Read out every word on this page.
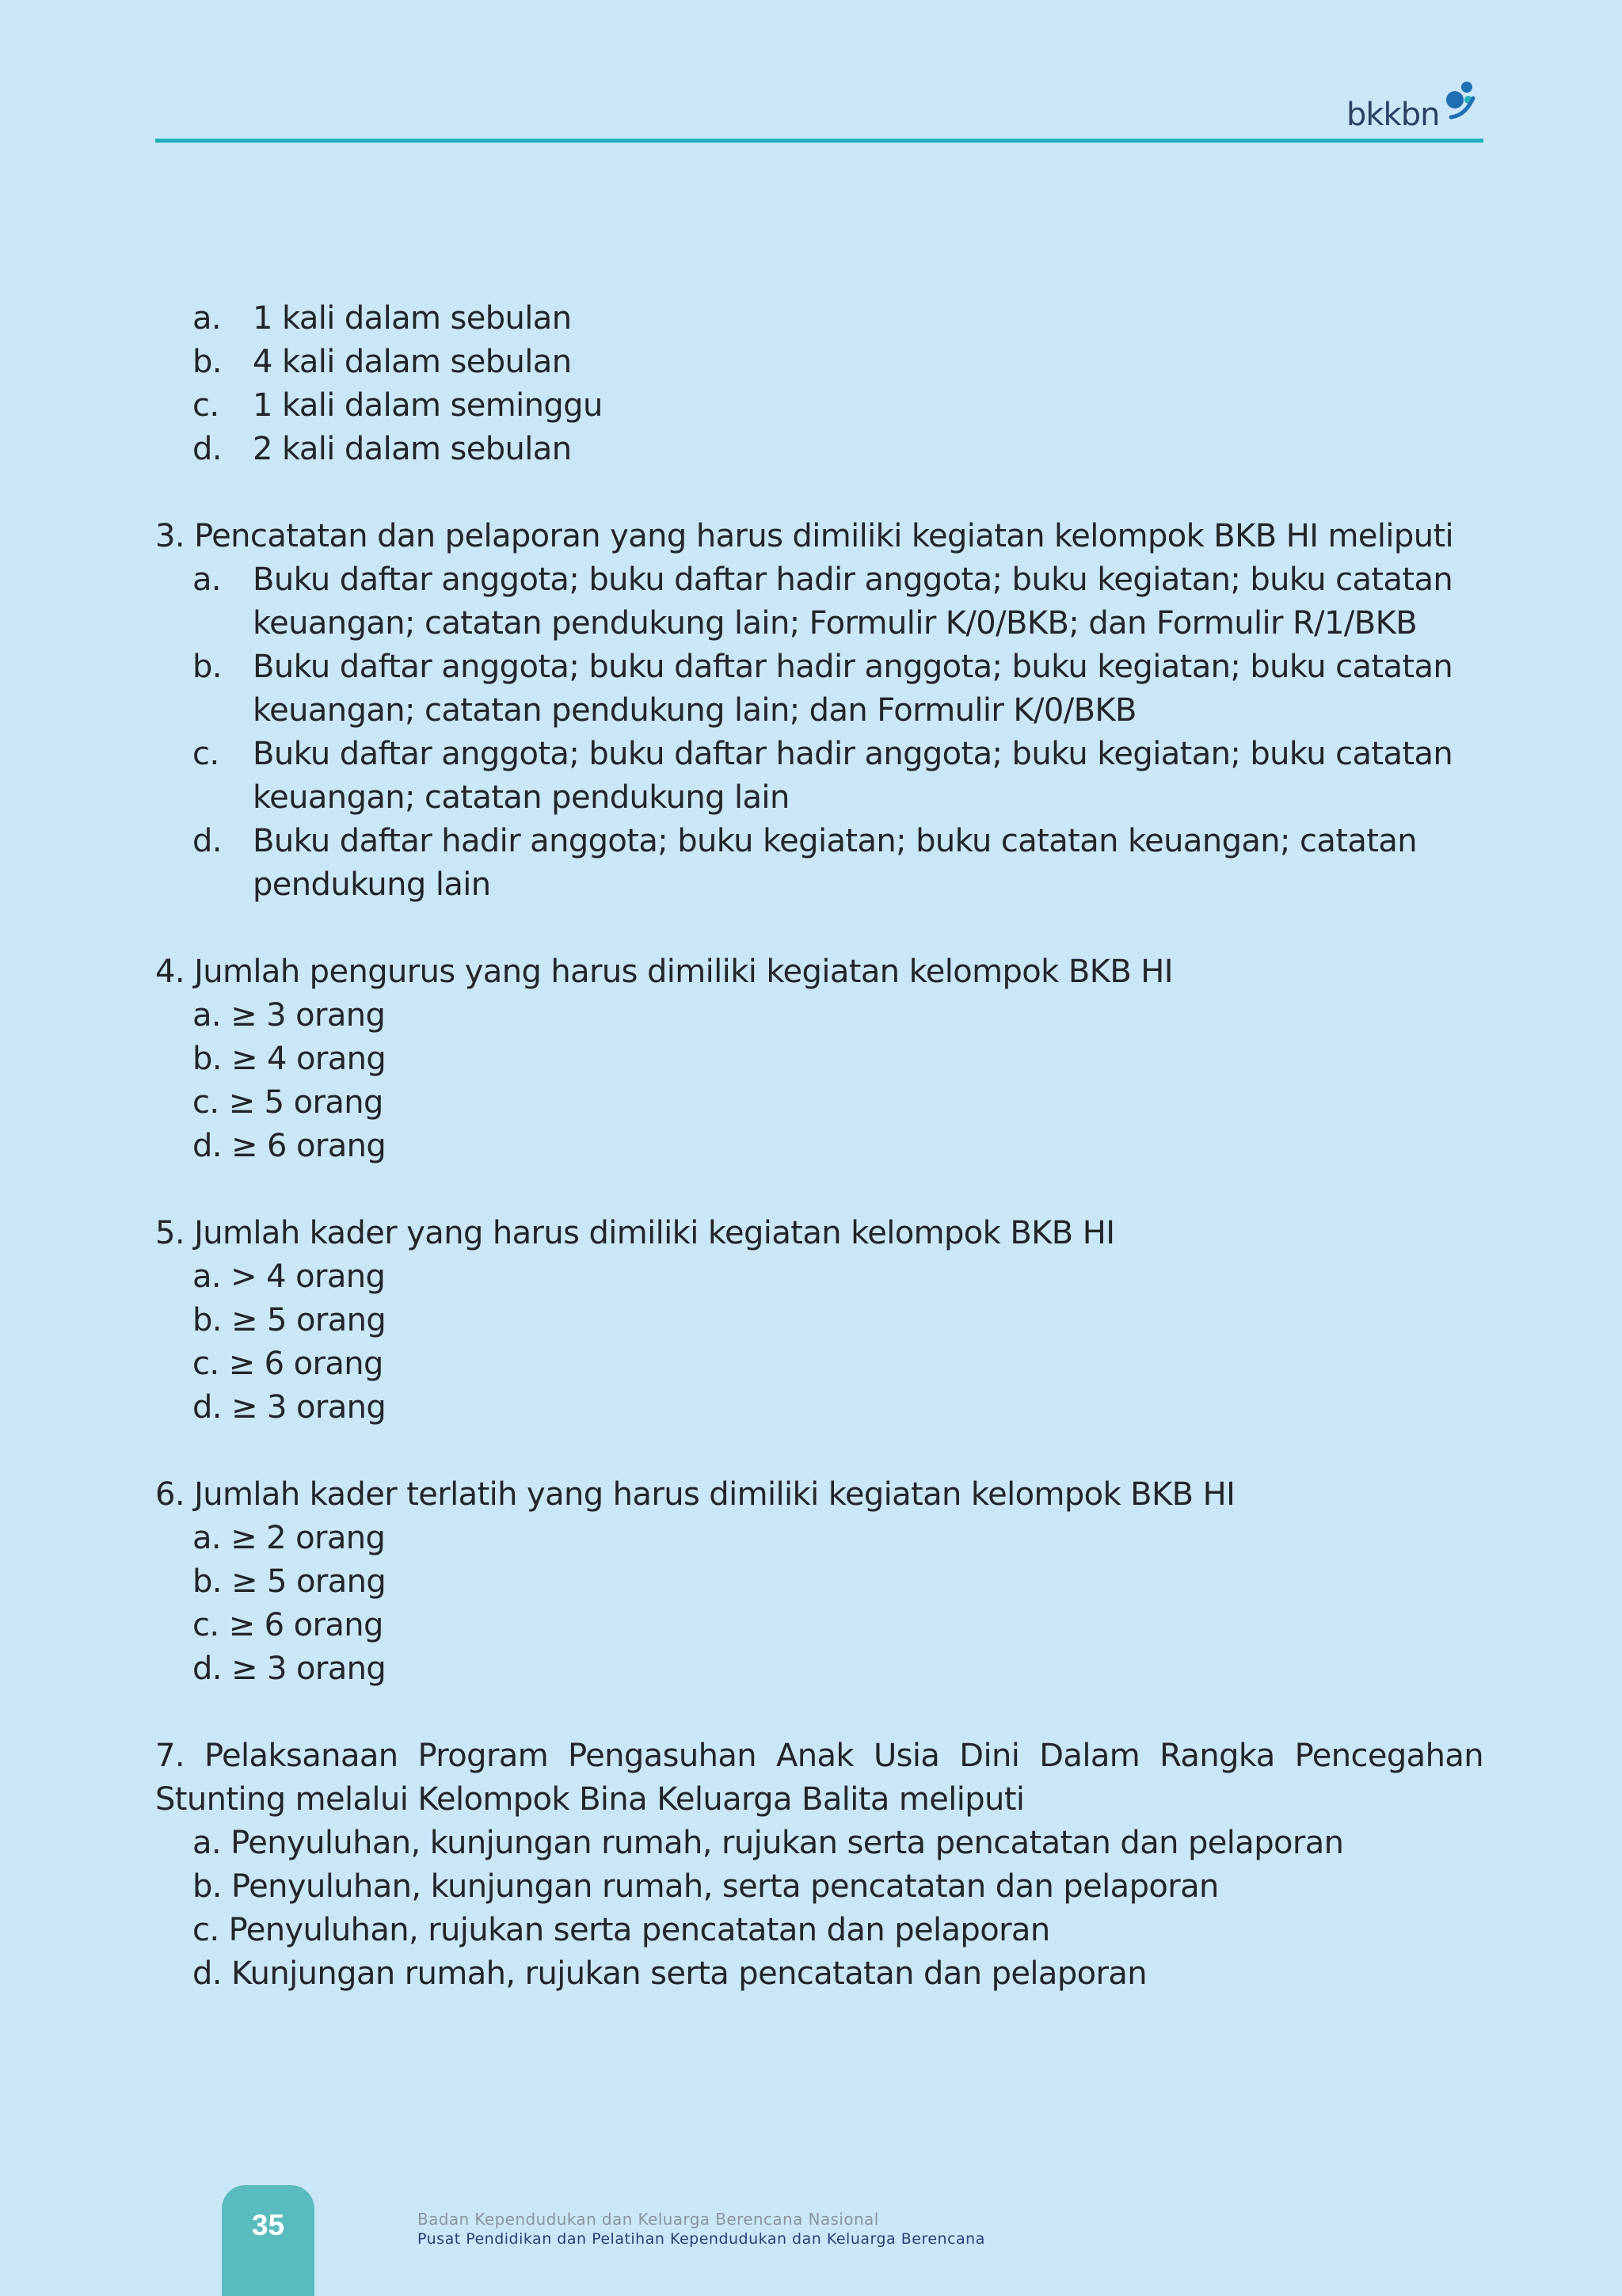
bkkbn
a. 1 kali dalam sebulan
b. 4 kali dalam sebulan
c.	1 kali dalam seminggu
d. 2 kali dalam sebulan
3. Pencatatan dan pelaporan yang harus dimiliki kegiatan kelompok BKB HI meliputi
a. Buku daftar anggota; buku daftar hadir anggota; buku kegiatan; buku catatan keuangan; catatan pendukung lain; Formulir K/0/BKB; dan Formulir R/1/BKB
b. Buku daftar anggota; buku daftar hadir anggota; buku kegiatan; buku catatan keuangan; catatan pendukung lain; dan Formulir K/0/BKB
c.	Buku daftar anggota; buku daftar hadir anggota; buku kegiatan; buku catatan keuangan; catatan pendukung lain
d. Buku daftar hadir anggota; buku kegiatan; buku catatan keuangan; catatan pendukung lain
4. Jumlah pengurus yang harus dimiliki kegiatan kelompok BKB HI
a. ≥ 3 orang
b. ≥ 4 orang
c. ≥ 5 orang
d. ≥ 6 orang
5. Jumlah kader yang harus dimiliki kegiatan kelompok BKB HI
a. > 4 orang
b. ≥ 5 orang
c. ≥ 6 orang
d. ≥ 3 orang
6. Jumlah kader terlatih yang harus dimiliki kegiatan kelompok BKB HI
a. ≥ 2 orang
b. ≥ 5 orang
c. ≥ 6 orang
d. ≥ 3 orang
7. Pelaksanaan Program Pengasuhan Anak Usia Dini Dalam Rangka Pencegahan Stunting melalui Kelompok Bina Keluarga Balita meliputi
a. Penyuluhan, kunjungan rumah, rujukan serta pencatatan dan pelaporan
b. Penyuluhan, kunjungan rumah, serta pencatatan dan pelaporan
c. Penyuluhan, rujukan serta pencatatan dan pelaporan
d. Kunjungan rumah, rujukan serta pencatatan dan pelaporan
35	Badan Kependudukan dan Keluarga Berencana Nasional
Pusat Pendidikan dan Pelatihan Kependudukan dan Keluarga Berencana
